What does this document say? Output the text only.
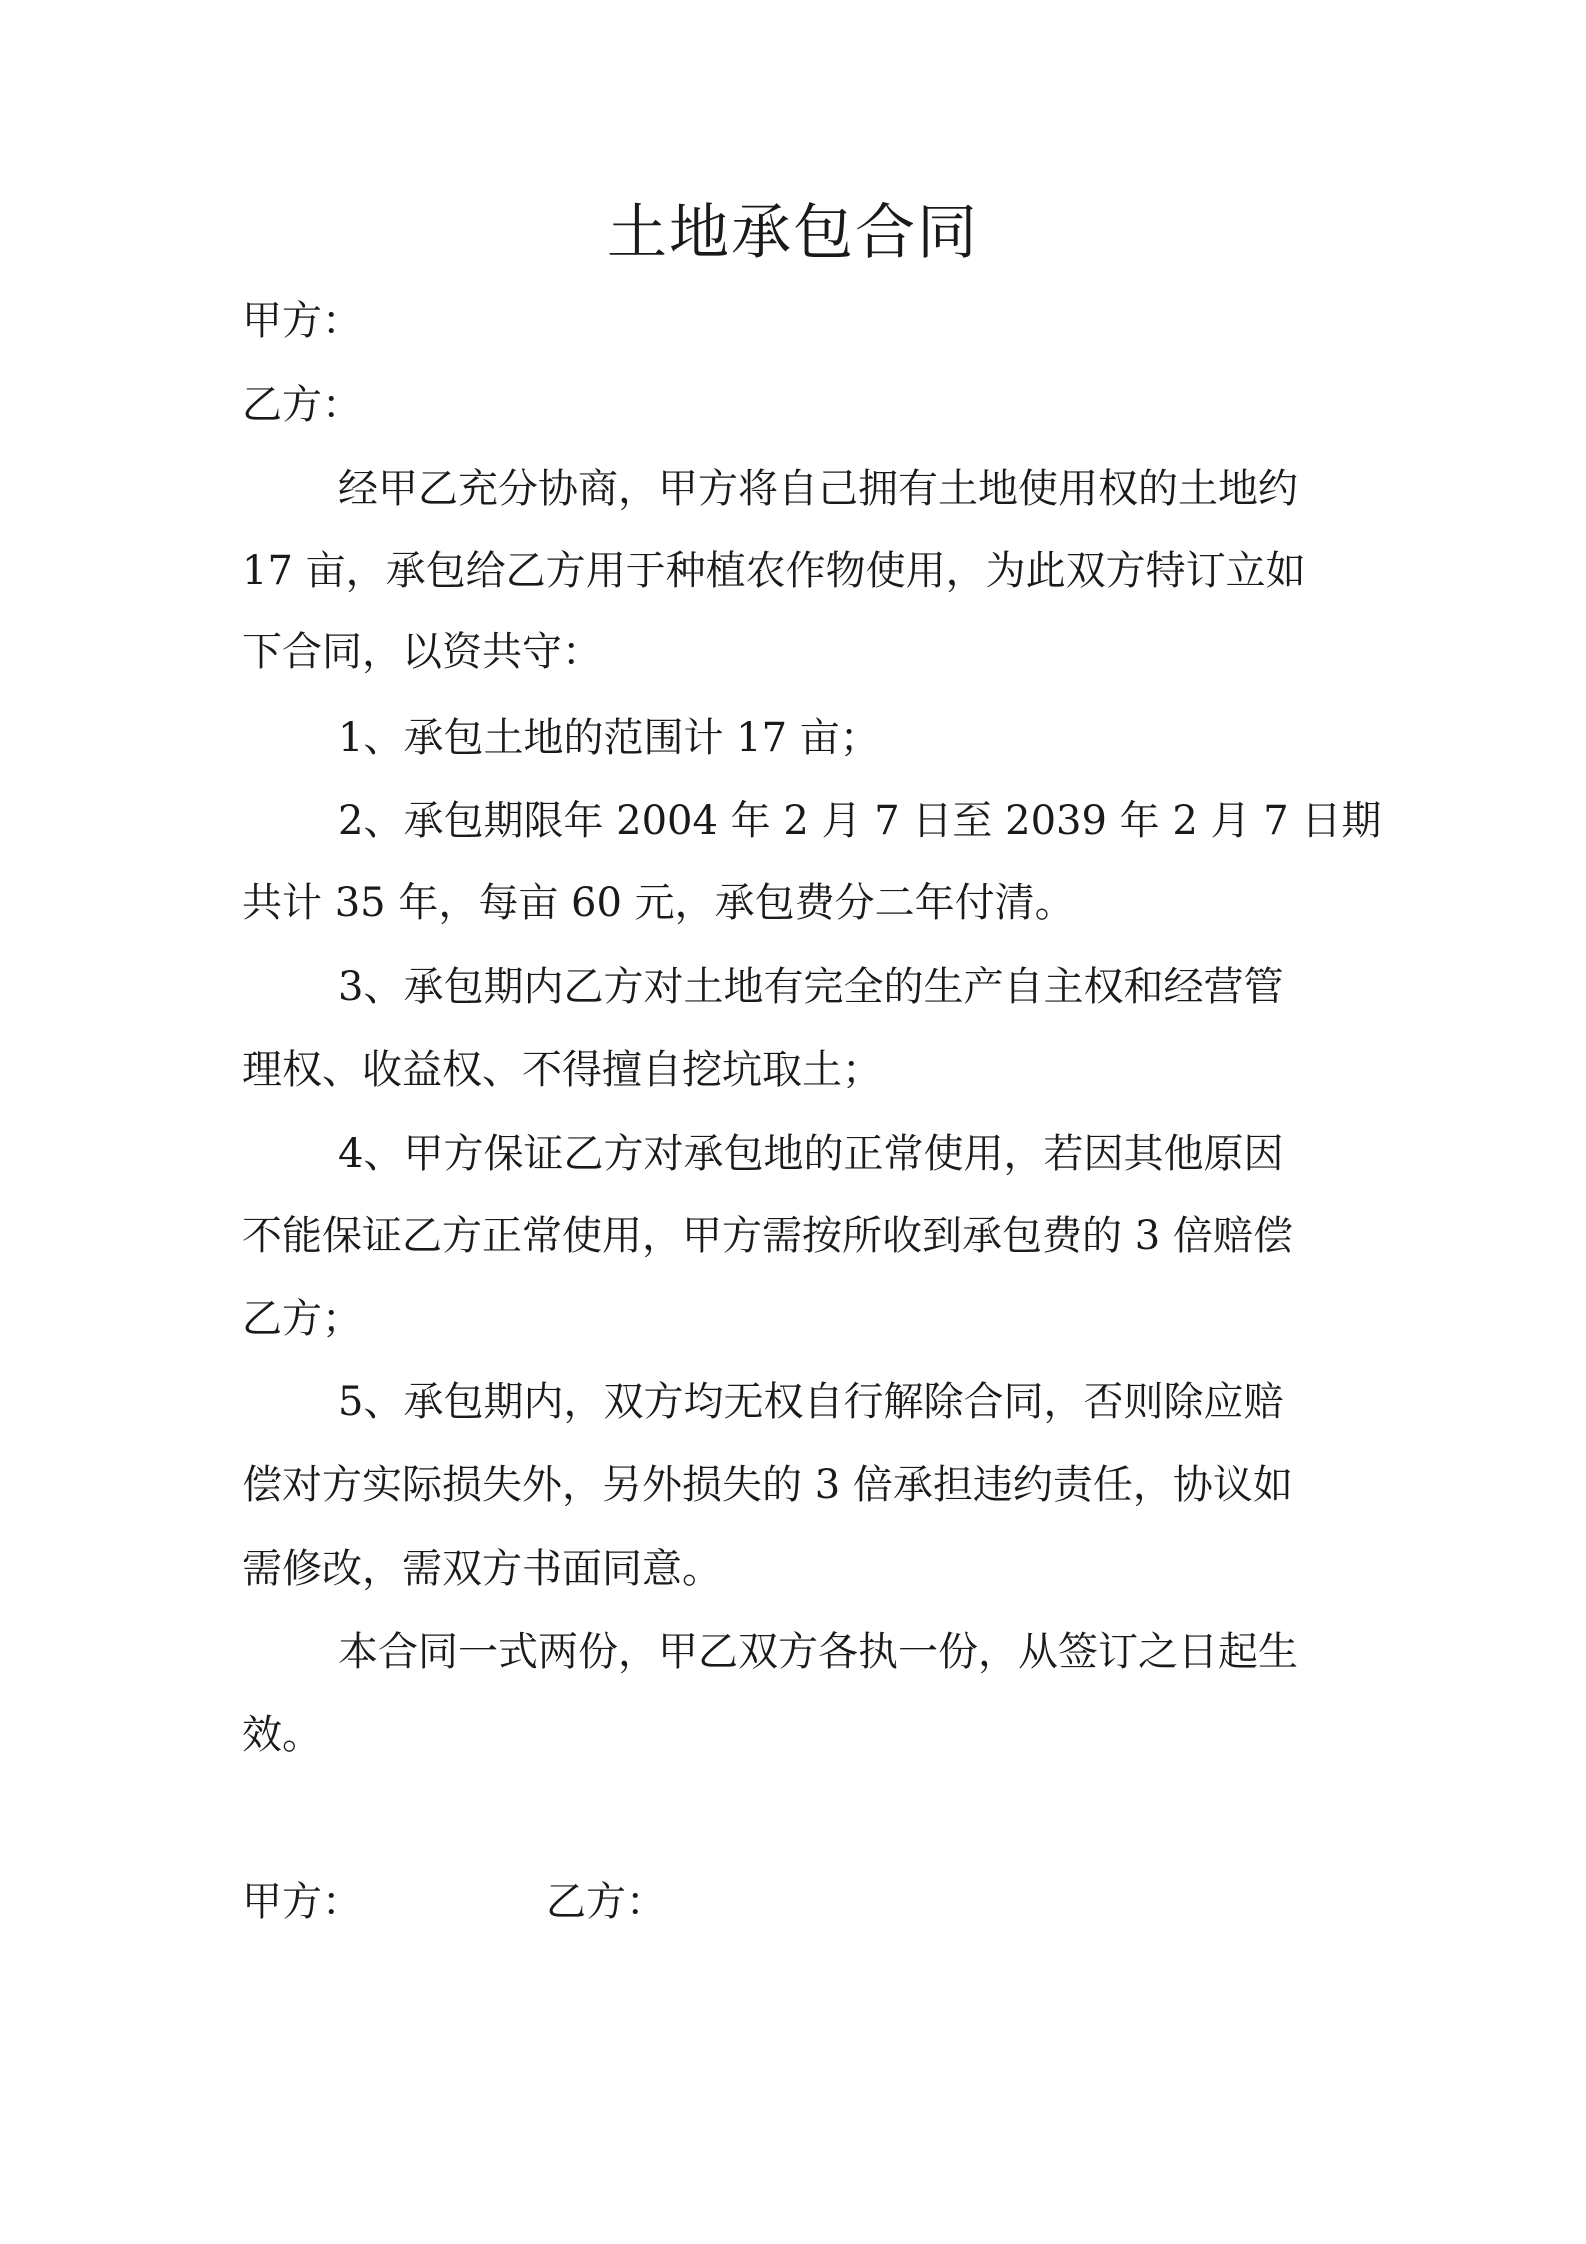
土地承包合同

甲方：

乙方：

经甲乙充分协商，甲方将自己拥有土地使用权的土地约

17 亩，承包给乙方用于种植农作物使用，为此双方特订立如

下合同，以资共守：

1、承包土地的范围计 17 亩；

2、承包期限年 2004 年 2 月 7 日至 2039 年 2 月 7 日期

共计 35 年，每亩 60 元，承包费分二年付清。

3、承包期内乙方对土地有完全的生产自主权和经营管

理权、收益权、不得擅自挖坑取土；

4、甲方保证乙方对承包地的正常使用，若因其他原因

不能保证乙方正常使用，甲方需按所收到承包费的 3 倍赔偿

乙方；

5、承包期内，双方均无权自行解除合同，否则除应赔

偿对方实际损失外，另外损失的 3 倍承担违约责任，协议如

需修改，需双方书面同意。

本合同一式两份，甲乙双方各执一份，从签订之日起生

效。

甲方：	乙方：
